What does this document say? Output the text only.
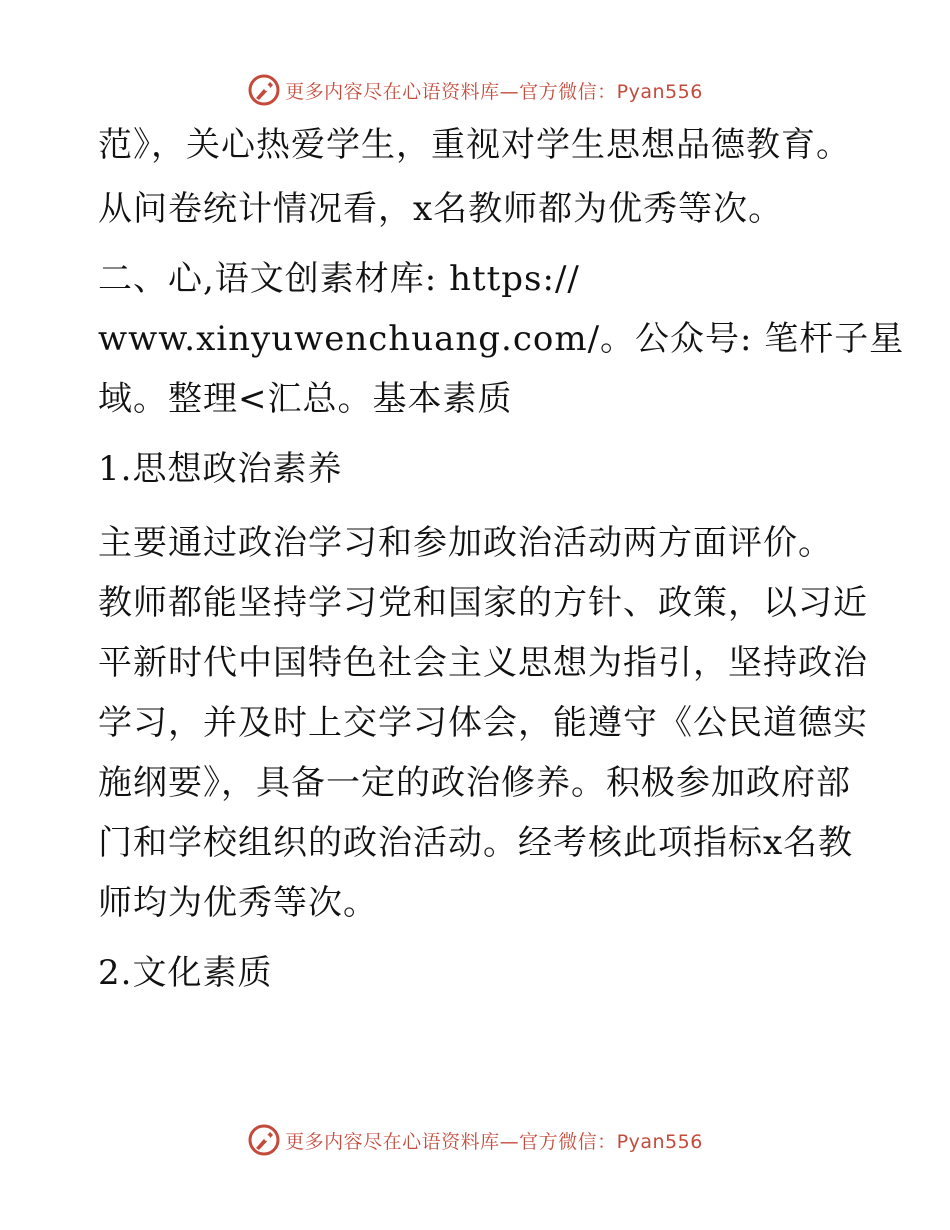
更多内容尽在心语资料库—官方微信：Pyan556
范》，关心热爱学生，重视对学生思想品德教育。
从问卷统计情况看，x名教师都为优秀等次。
二、心,语文创素材库: https://
www.xinyuwenchuang.com/。公众号: 笔杆子星
域。整理<汇总。基本素质
1.思想政治素养
主要通过政治学习和参加政治活动两方面评价。
教师都能坚持学习党和国家的方针、政策，以习近
平新时代中国特色社会主义思想为指引，坚持政治
学习，并及时上交学习体会，能遵守《公民道德实
施纲要》，具备一定的政治修养。积极参加政府部
门和学校组织的政治活动。经考核此项指标x名教
师均为优秀等次。
2.文化素质
更多内容尽在心语资料库—官方微信：Pyan556
